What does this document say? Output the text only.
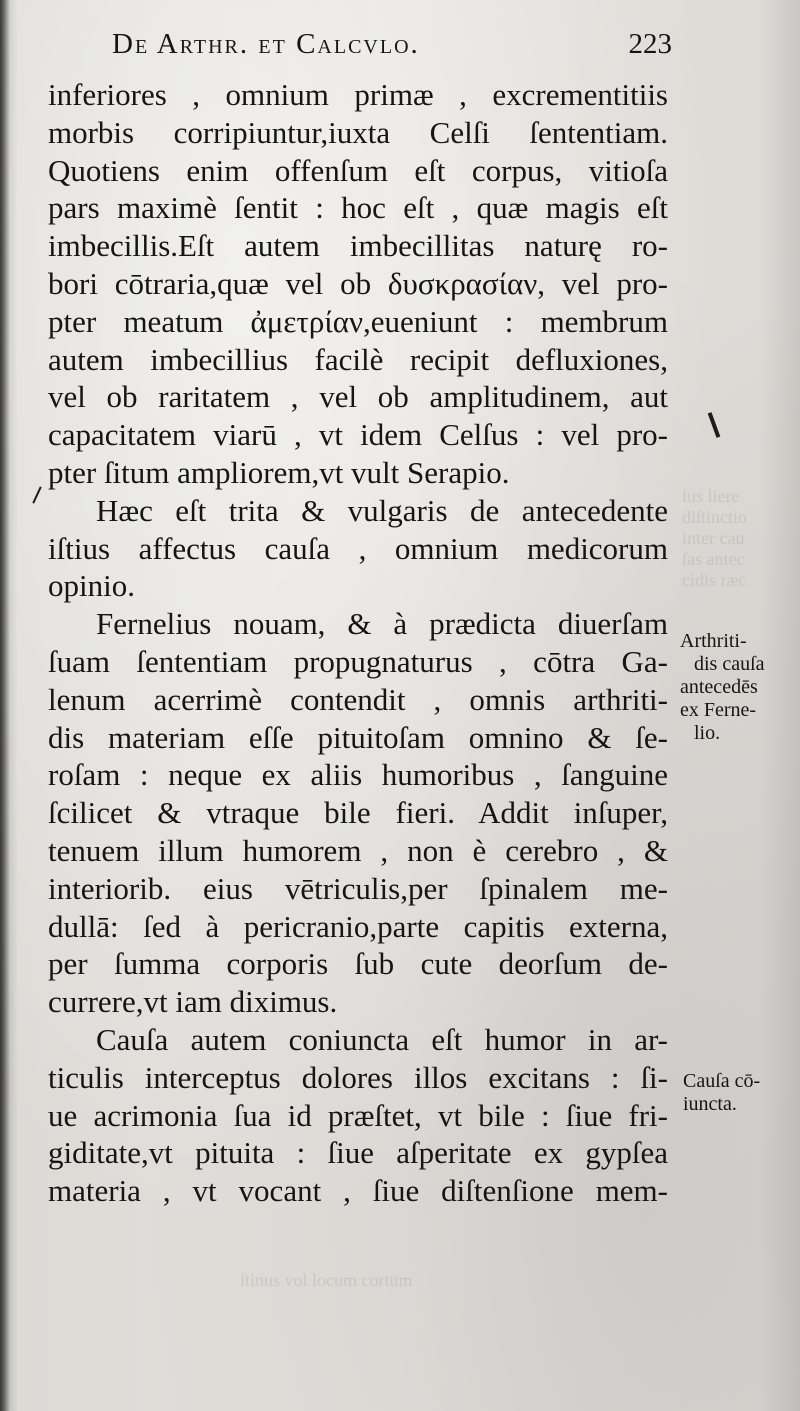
lus liere
diſtinctio
inter cau
ſas antec
cidis ræc
ſtinus vol locum cortum
De Arthr. et Calcvlo.	223
inferiores , omnium primæ , excrementitiis
morbis corripiuntur,iuxta Celſi ſententiam.
Quotiens enim offenſum eſt corpus, vitioſa
pars maximè ſentit : hoc eſt , quæ magis eſt
imbecillis.Eſt autem imbecillitas naturę ro-
bori cōtraria,quæ vel ob δυσκρασίαν, vel pro-
pter meatum ἀμετρίαν,eueniunt : membrum
autem imbecillius facilè recipit defluxiones,
vel ob raritatem , vel ob amplitudinem, aut
capacitatem viarū , vt idem Celſus : vel pro-
pter ſitum ampliorem,vt vult Serapio.
Hæc eſt trita & vulgaris de antecedente
iſtius affectus cauſa , omnium medicorum
opinio.
Fernelius nouam, & à prædicta diuerſam
ſuam ſententiam propugnaturus , cōtra Ga-
lenum acerrimè contendit , omnis arthriti-
dis materiam eſſe pituitoſam omnino & ſe-
roſam : neque ex aliis humoribus , ſanguine
ſcilicet & vtraque bile fieri. Addit inſuper,
tenuem illum humorem , non è cerebro , &
interiorib. eius vētriculis,per ſpinalem me-
dullā: ſed à pericranio,parte capitis externa,
per ſumma corporis ſub cute deorſum de-
currere,vt iam diximus.
Cauſa autem coniuncta eſt humor in ar-
ticulis interceptus dolores illos excitans : ſi-
ue acrimonia ſua id præſtet, vt bile : ſiue fri-
giditate,vt pituita : ſiue aſperitate ex gypſea
materia , vt vocant , ſiue diſtenſione mem-
Arthriti-
dis cauſa
antecedēs
ex Ferne-
lio.
Cauſa cō-
iuncta.
